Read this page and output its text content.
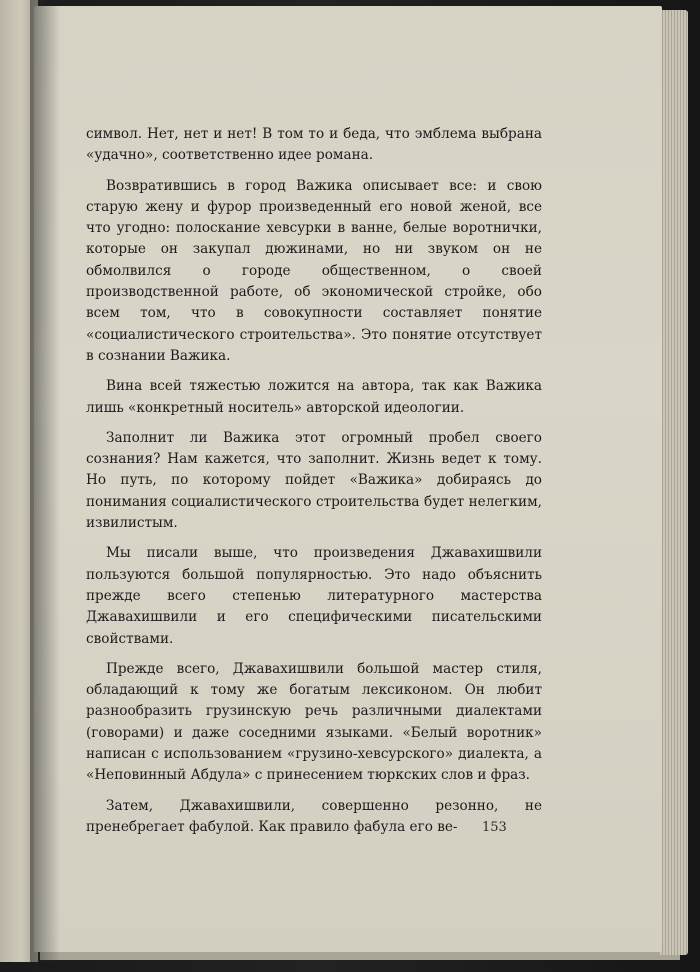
символ. Нет, нет и нет! В том то и беда, что эмблема выбрана «удачно», соответственно идее романа.

Возвратившись в город Важика описывает все: и свою старую жену и фурор произведенный его новой женой, все что угодно: полоскание хевсурки в ванне, белые воротнички, которые он закупал дюжинами, но ни звуком он не обмолвился о городе общественном, о своей производственной работе, об экономической стройке, обо всем том, что в совокупности составляет понятие «социалистического строительства». Это понятие отсутствует в сознании Важика.

Вина всей тяжестью ложится на автора, так как Важика лишь «конкретный носитель» авторской идеологии.

Заполнит ли Важика этот огромный пробел своего сознания? Нам кажется, что заполнит. Жизнь ведет к тому. Но путь, по которому пойдет «Важика» добираясь до понимания социалистического строительства будет нелегким, извилистым.

Мы писали выше, что произведения Джавахишвили пользуются большой популярностью. Это надо объяснить прежде всего степенью литературного мастерства Джавахишвили и его специфическими писательскими свойствами.

Прежде всего, Джавахишвили большой мастер стиля, обладающий к тому же богатым лексиконом. Он любит разнообразить грузинскую речь различными диалектами (говорами) и даже соседними языками. «Белый воротник» написан с использованием «грузино-хевсурского» диалекта, а «Неповинный Абдула» с принесением тюркских слов и фраз.

Затем, Джавахишвили, совершенно резонно, не пренебрегает фабулой. Как правило фабула его ве-	153
